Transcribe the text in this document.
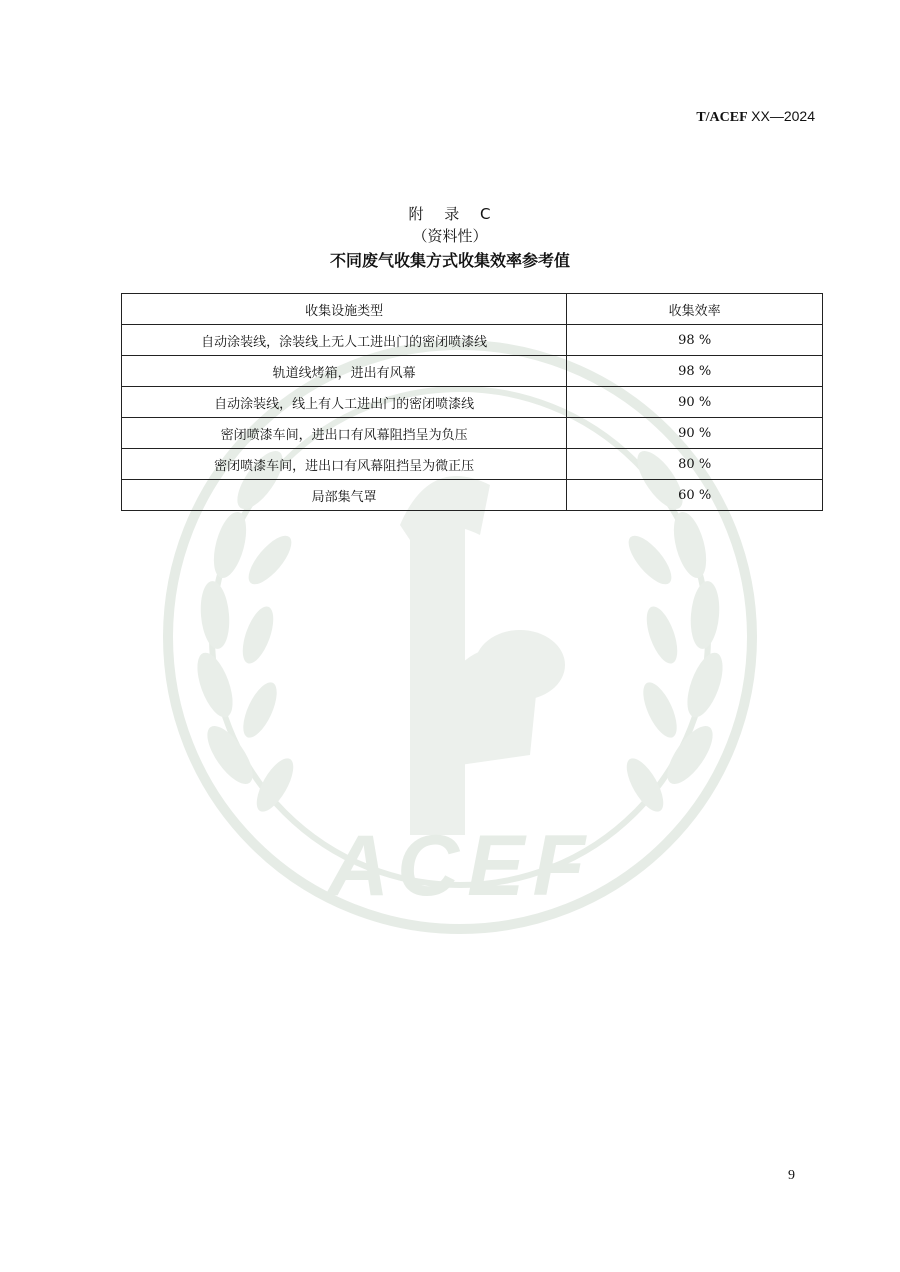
ACEF
T/ACEF XX—2024
附 录 C
（资料性）
不同废气收集方式收集效率参考值
收集设施类型	收集效率
自动涂装线，涂装线上无人工进出门的密闭喷漆线	98 %
轨道线烤箱，进出有风幕	98 %
自动涂装线，线上有人工进出门的密闭喷漆线	90 %
密闭喷漆车间，进出口有风幕阻挡呈为负压	90 %
密闭喷漆车间，进出口有风幕阻挡呈为微正压	80 %
局部集气罩	60 %
9
